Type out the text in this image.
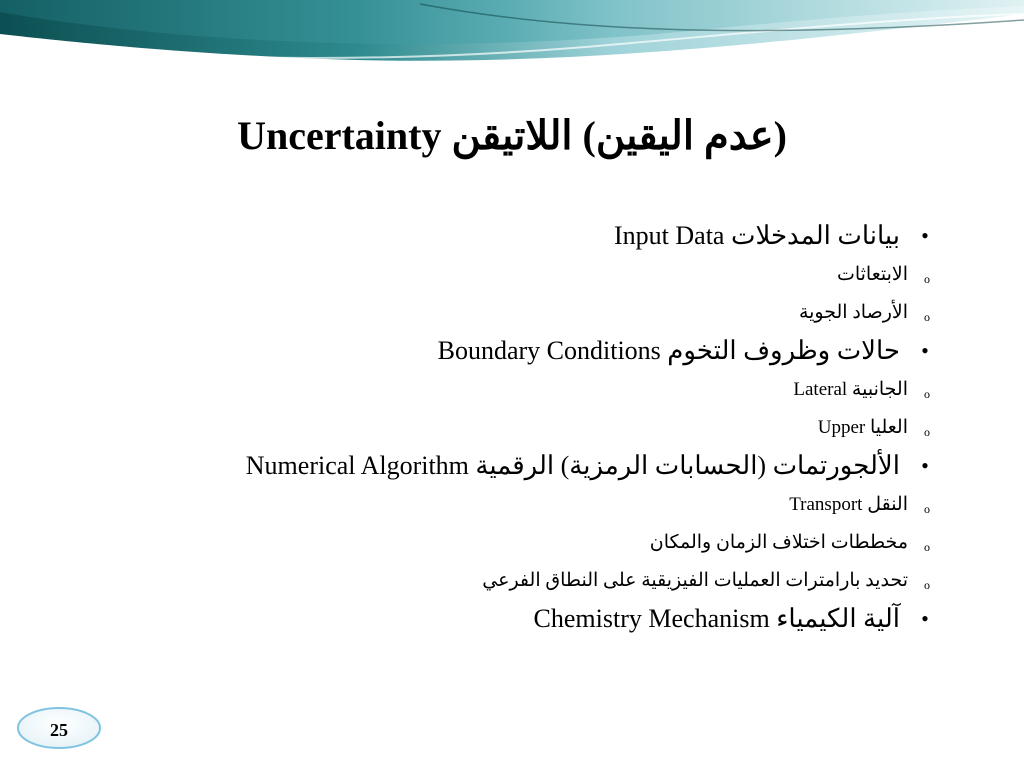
(عدم اليقين) اللاتيقن Uncertainty
بيانات المدخلات Input Data •
الابتعاثات	o
الأرصاد الجوية	o
حالات وظروف التخوم Boundary Conditions •
الجانبية Lateral	o
العليا Upper	o
الألجورتمات (الحسابات الرمزية) الرقمية Numerical Algorithm •
النقل Transport	o
مخططات اختلاف الزمان والمكان	o
تحديد بارامترات العمليات الفيزيقية على النطاق الفرعي	o
آلية الكيمياء Chemistry Mechanism •
25
